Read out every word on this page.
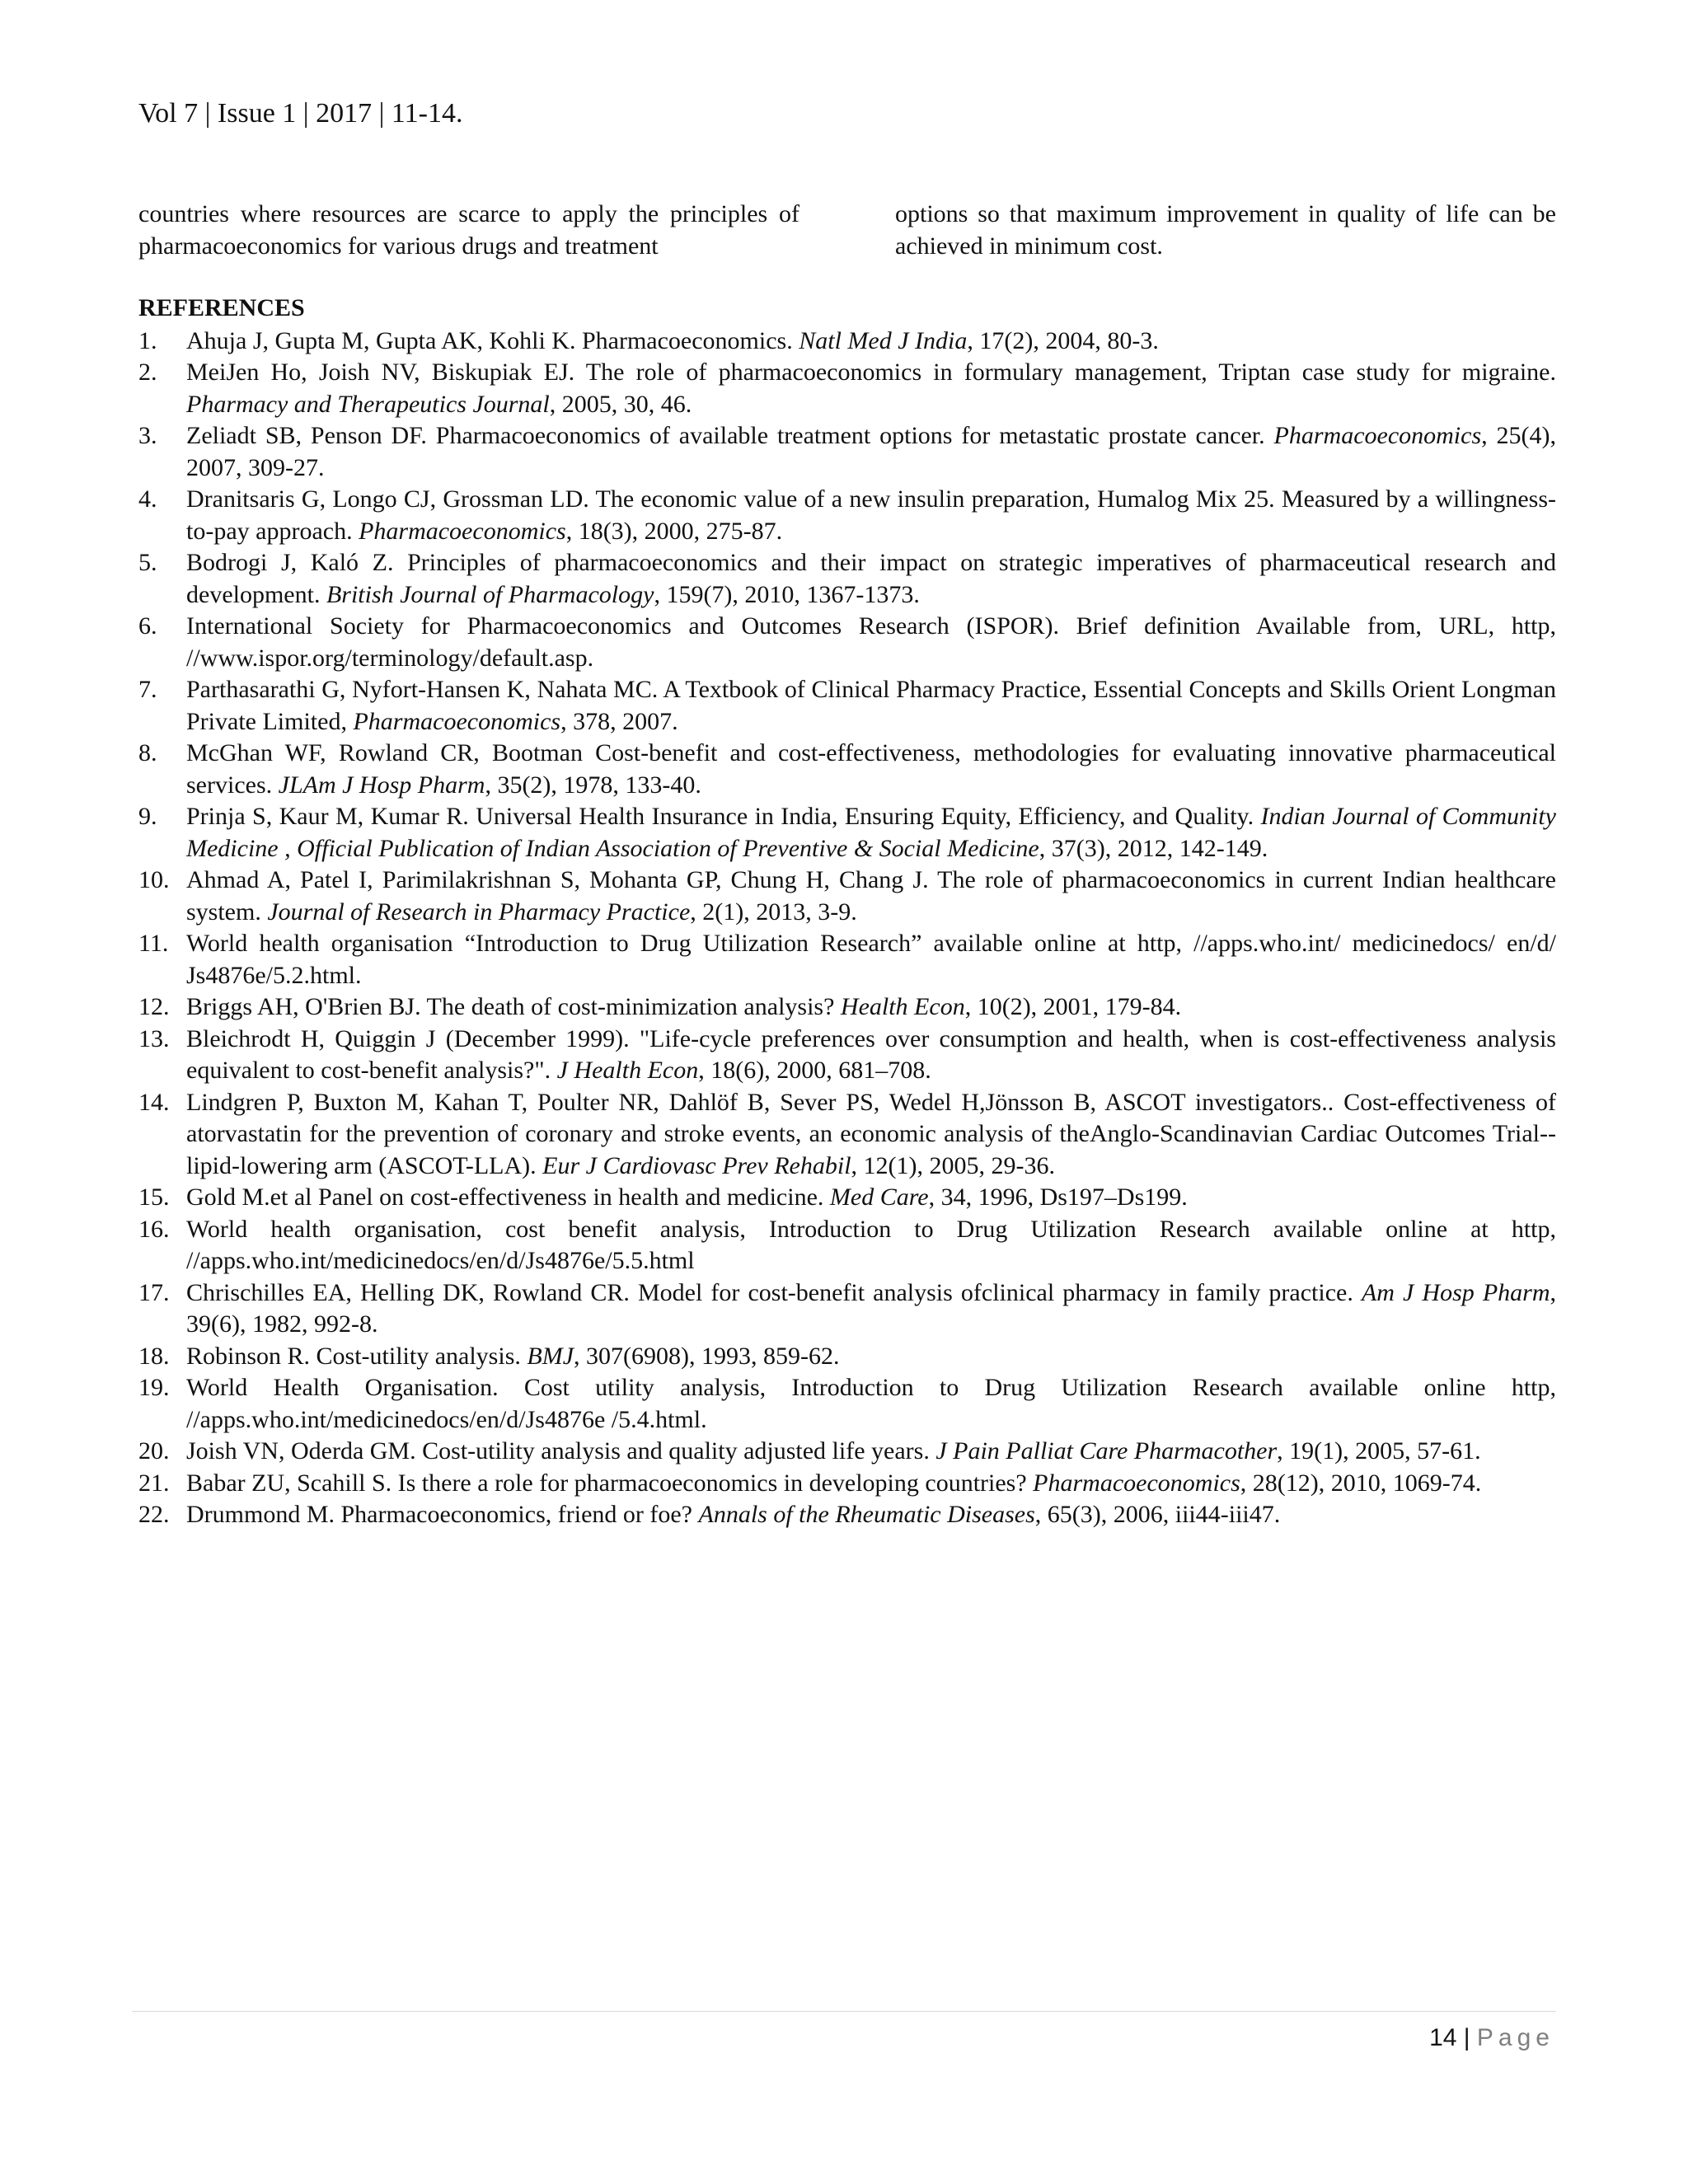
Vol 7 | Issue 1 | 2017 | 11-14.

countries where resources are scarce to apply the principles of pharmacoeconomics for various drugs and treatment

options so that maximum improvement in quality of life can be achieved in minimum cost.

REFERENCES
1. Ahuja J, Gupta M, Gupta AK, Kohli K. Pharmacoeconomics. Natl Med J India, 17(2), 2004, 80-3.
2. MeiJen Ho, Joish NV, Biskupiak EJ. The role of pharmacoeconomics in formulary management, Triptan case study for migraine. Pharmacy and Therapeutics Journal, 2005, 30, 46.
3. Zeliadt SB, Penson DF. Pharmacoeconomics of available treatment options for metastatic prostate cancer. Pharmacoeconomics, 25(4), 2007, 309-27.
4. Dranitsaris G, Longo CJ, Grossman LD. The economic value of a new insulin preparation, Humalog Mix 25. Measured by a willingness-to-pay approach. Pharmacoeconomics, 18(3), 2000, 275-87.
5. Bodrogi J, Kaló Z. Principles of pharmacoeconomics and their impact on strategic imperatives of pharmaceutical research and development. British Journal of Pharmacology, 159(7), 2010, 1367-1373.
6. International Society for Pharmacoeconomics and Outcomes Research (ISPOR). Brief definition Available from, URL, http, //www.ispor.org/terminology/default.asp.
7. Parthasarathi G, Nyfort-Hansen K, Nahata MC. A Textbook of Clinical Pharmacy Practice, Essential Concepts and Skills Orient Longman Private Limited, Pharmacoeconomics, 378, 2007.
8. McGhan WF, Rowland CR, Bootman Cost-benefit and cost-effectiveness, methodologies for evaluating innovative pharmaceutical services. JLAm J Hosp Pharm, 35(2), 1978, 133-40.
9. Prinja S, Kaur M, Kumar R. Universal Health Insurance in India, Ensuring Equity, Efficiency, and Quality. Indian Journal of Community Medicine , Official Publication of Indian Association of Preventive & Social Medicine, 37(3), 2012, 142-149.
10. Ahmad A, Patel I, Parimilakrishnan S, Mohanta GP, Chung H, Chang J. The role of pharmacoeconomics in current Indian healthcare system. Journal of Research in Pharmacy Practice, 2(1), 2013, 3-9.
11. World health organisation “Introduction to Drug Utilization Research” available online at http, //apps.who.int/ medicinedocs/ en/d/ Js4876e/5.2.html.
12. Briggs AH, O'Brien BJ. The death of cost-minimization analysis? Health Econ, 10(2), 2001, 179-84.
13. Bleichrodt H, Quiggin J (December 1999). "Life-cycle preferences over consumption and health, when is cost-effectiveness analysis equivalent to cost-benefit analysis?". J Health Econ, 18(6), 2000, 681–708.
14. Lindgren P, Buxton M, Kahan T, Poulter NR, Dahlöf B, Sever PS, Wedel H,Jönsson B, ASCOT investigators.. Cost-effectiveness of atorvastatin for the prevention of coronary and stroke events, an economic analysis of theAnglo-Scandinavian Cardiac Outcomes Trial--lipid-lowering arm (ASCOT-LLA). Eur J Cardiovasc Prev Rehabil, 12(1), 2005, 29-36.
15. Gold M.et al Panel on cost-effectiveness in health and medicine. Med Care, 34, 1996, Ds197–Ds199.
16. World health organisation, cost benefit analysis, Introduction to Drug Utilization Research available online at http, //apps.who.int/medicinedocs/en/d/Js4876e/5.5.html
17. Chrischilles EA, Helling DK, Rowland CR. Model for cost-benefit analysis ofclinical pharmacy in family practice. Am J Hosp Pharm, 39(6), 1982, 992-8.
18. Robinson R. Cost-utility analysis. BMJ, 307(6908), 1993, 859-62.
19. World Health Organisation. Cost utility analysis, Introduction to Drug Utilization Research available online http, //apps.who.int/medicinedocs/en/d/Js4876e /5.4.html.
20. Joish VN, Oderda GM. Cost-utility analysis and quality adjusted life years. J Pain Palliat Care Pharmacother, 19(1), 2005, 57-61.
21. Babar ZU, Scahill S. Is there a role for pharmacoeconomics in developing countries? Pharmacoeconomics, 28(12), 2010, 1069-74.
22. Drummond M. Pharmacoeconomics, friend or foe? Annals of the Rheumatic Diseases, 65(3), 2006, iii44-iii47.
14 | Page
